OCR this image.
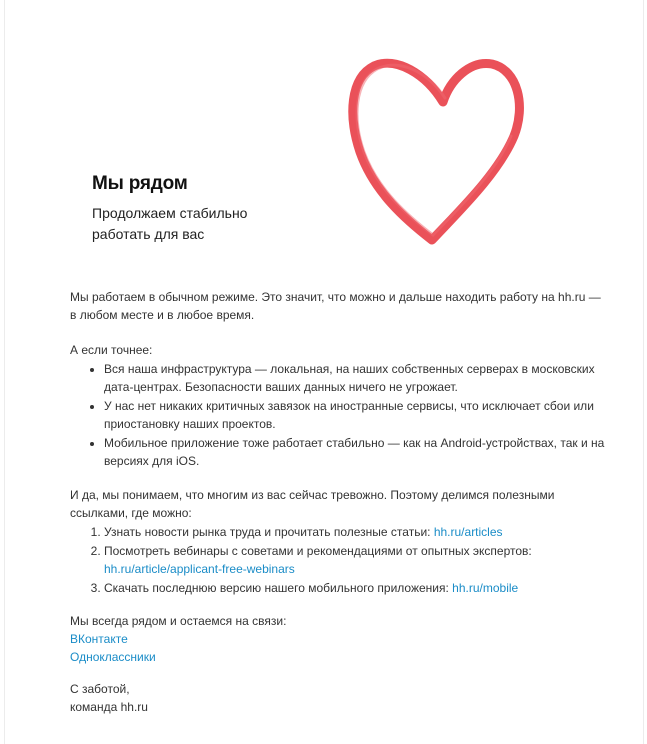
Мы рядом
Продолжаем стабильно работать для вас

Мы работаем в обычном режиме. Это значит, что можно и дальше находить работу на hh.ru — в любом месте и в любое время.

А если точнее:

• Вся наша инфраструктура — локальная, на наших собственных серверах в московских дата-центрах. Безопасности ваших данных ничего не угрожает.
• У нас нет никаких критичных завязок на иностранные сервисы, что исключает сбои или приостановку наших проектов.
• Мобильное приложение тоже работает стабильно — как на Android-устройствах, так и на версиях для iOS.

И да, мы понимаем, что многим из вас сейчас тревожно. Поэтому делимся полезными ссылками, где можно:

1. Узнать новости рынка труда и прочитать полезные статьи: hh.ru/articles
2. Посмотреть вебинары с советами и рекомендациями от опытных экспертов:
hh.ru/article/applicant-free-webinars
3. Скачать последнюю версию нашего мобильного приложения: hh.ru/mobile

Мы всегда рядом и остаемся на связи:

ВКонтакте
Одноклассники

С заботой,

команда hh.ru
